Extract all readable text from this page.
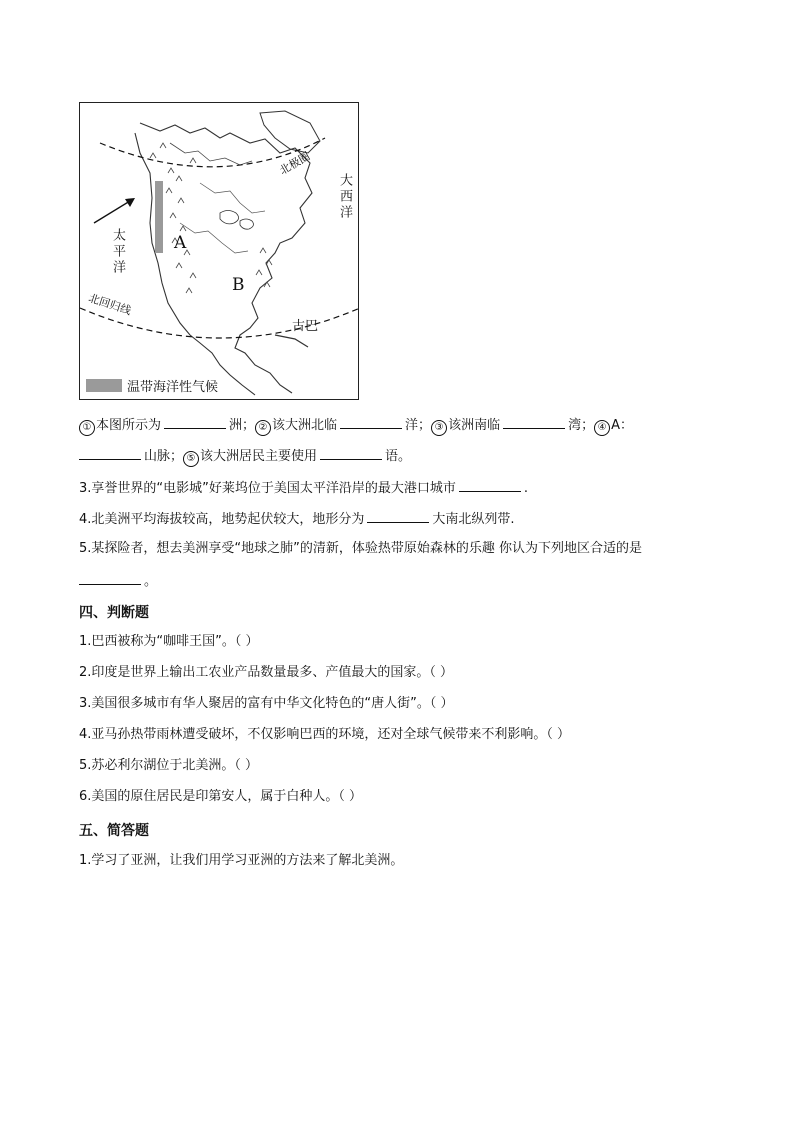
大西洋
太平洋
北极圈
北回归线
古巴
A
B
温带海洋性气候
① 本图所示为	洲； ② 该大洲北临	洋； ③ 该洲南临	湾； ④ A：
山脉； ⑤ 该大洲居民主要使用	语。
3.享誉世界的“电影城”好莱坞位于美国太平洋沿岸的最大港口城市	.
4.北美洲平均海拔较高，地势起伏较大，地形分为	大南北纵列带.
5.某探险者，想去美洲享受“地球之肺”的清新，体验热带原始森林的乐趣 你认为下列地区合适的是
。
四、判断题
1.巴西被称为“咖啡王国”。（ ）
2.印度是世界上输出工农业产品数量最多、产值最大的国家。（ ）
3.美国很多城市有华人聚居的富有中华文化特色的“唐人街”。（ ）
4.亚马孙热带雨林遭受破坏，不仅影响巴西的环境，还对全球气候带来不利影响。（ ）
5.苏必利尔湖位于北美洲。（ ）
6.美国的原住居民是印第安人，属于白种人。（ ）
五、简答题
1.学习了亚洲，让我们用学习亚洲的方法来了解北美洲。
